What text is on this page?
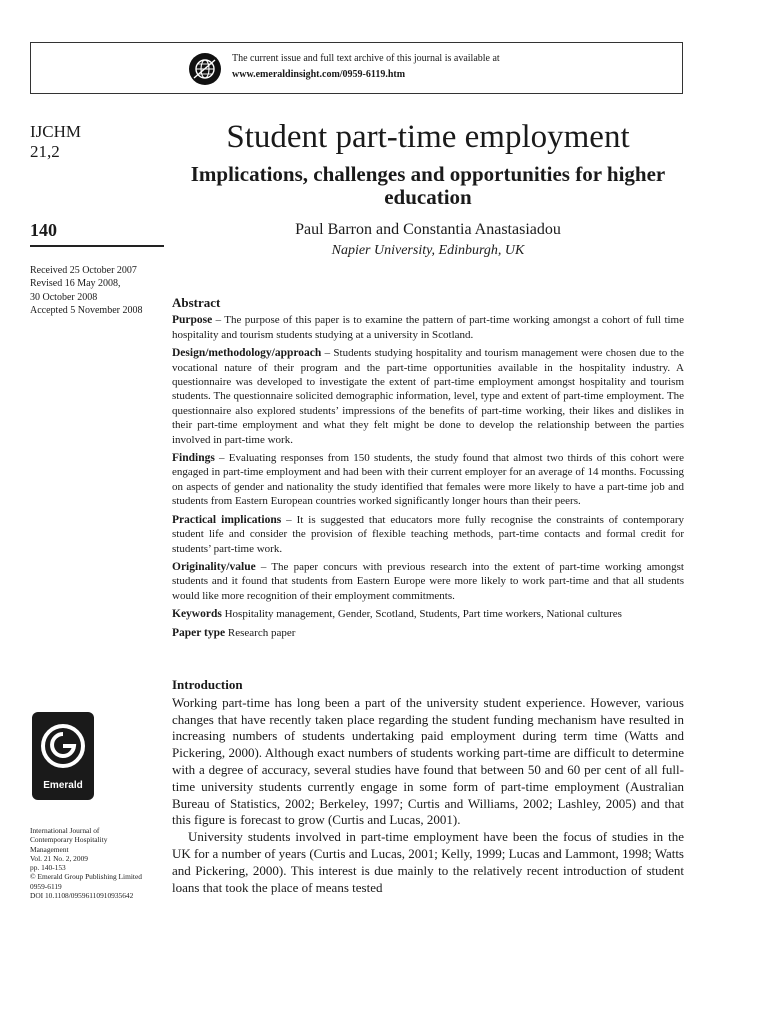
The current issue and full text archive of this journal is available at
www.emeraldinsight.com/0959-6119.htm
IJCHM
21,2
140
Received 25 October 2007
Revised 16 May 2008,
30 October 2008
Accepted 5 November 2008
Emerald
International Journal of
Contemporary Hospitality
Management
Vol. 21 No. 2, 2009
pp. 140-153
© Emerald Group Publishing Limited
0959-6119
DOI 10.1108/09596110910935642
Student part-time employment
Implications, challenges and opportunities for higher education
Paul Barron and Constantia Anastasiadou
Napier University, Edinburgh, UK
Abstract

Purpose – The purpose of this paper is to examine the pattern of part-time working amongst a cohort of full time hospitality and tourism students studying at a university in Scotland.

Design/methodology/approach – Students studying hospitality and tourism management were chosen due to the vocational nature of their program and the part-time opportunities available in the hospitality industry. A questionnaire was developed to investigate the extent of part-time employment amongst hospitality and tourism students. The questionnaire solicited demographic information, level, type and extent of part-time employment. The questionnaire also explored students’ impressions of the benefits of part-time working, their likes and dislikes in their part-time employment and what they felt might be done to develop the relationship between the parties involved in part-time work.

Findings – Evaluating responses from 150 students, the study found that almost two thirds of this cohort were engaged in part-time employment and had been with their current employer for an average of 14 months. Focussing on aspects of gender and nationality the study identified that females were more likely to have a part-time job and students from Eastern European countries worked significantly longer hours than their peers.

Practical implications – It is suggested that educators more fully recognise the constraints of contemporary student life and consider the provision of flexible teaching methods, part-time contacts and formal credit for students’ part-time work.

Originality/value – The paper concurs with previous research into the extent of part-time working amongst students and it found that students from Eastern Europe were more likely to work part-time and that all students would like more recognition of their employment commitments.

Keywords Hospitality management, Gender, Scotland, Students, Part time workers, National cultures

Paper type Research paper

Introduction

Working part-time has long been a part of the university student experience. However, various changes that have recently taken place regarding the student funding mechanism have resulted in increasing numbers of students undertaking paid employment during term time (Watts and Pickering, 2000). Although exact numbers of students working part-time are difficult to determine with a degree of accuracy, several studies have found that between 50 and 60 per cent of all full-time university students currently engage in some form of part-time employment (Australian Bureau of Statistics, 2002; Berkeley, 1997; Curtis and Williams, 2002; Lashley, 2005) and that this figure is forecast to grow (Curtis and Lucas, 2001).

University students involved in part-time employment have been the focus of studies in the UK for a number of years (Curtis and Lucas, 2001; Kelly, 1999; Lucas and Lammont, 1998; Watts and Pickering, 2000). This interest is due mainly to the relatively recent introduction of student loans that took the place of means tested
